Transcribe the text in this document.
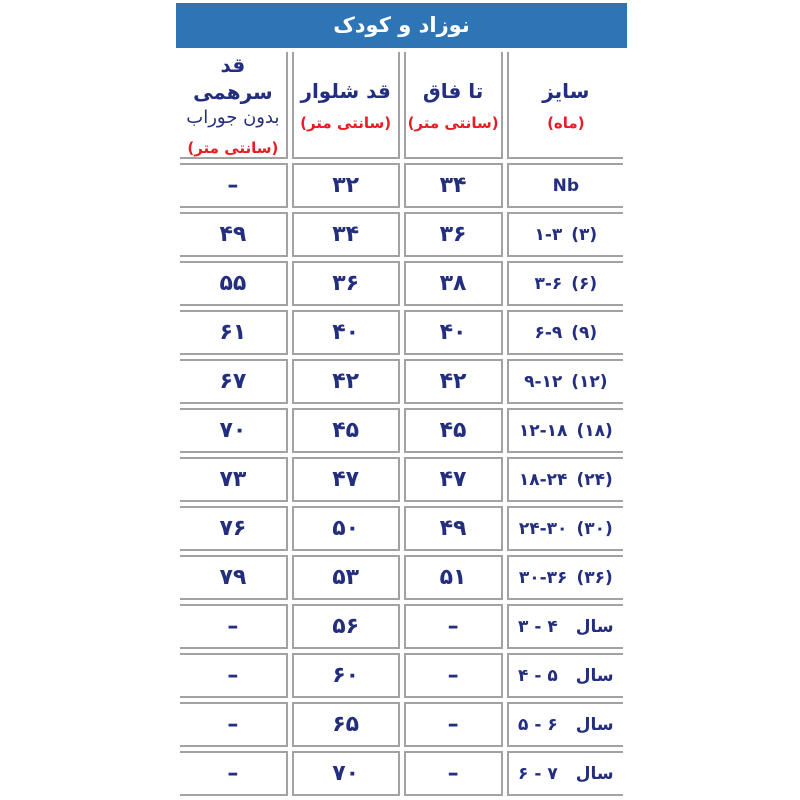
نوزاد و کودک
قد سرهمی
بدون جوراب
(سانتی متر)

قد شلوار
(سانتی متر)

تا فاق
(سانتی متر)

سایز
(ماه)

–	۳۲	۳۴	Nb

۴۹	۳۴	۳۶	۱-۳ (۳)

۵۵	۳۶	۳۸	۳-۶ (۶)

۶۱	۴۰	۴۰	۶-۹ (۹)

۶۷	۴۲	۴۲	۹-۱۲ (۱۲)

۷۰	۴۵	۴۵	۱۲-۱۸ (۱۸)

۷۳	۴۷	۴۷	۱۸-۲۴ (۲۴)

۷۶	۵۰	۴۹	۲۴-۳۰ (۳۰)

۷۹	۵۳	۵۱	۳۰-۳۶ (۳۶)

–	۵۶	–	۳ - ۴ سال

–	۶۰	–	۴ - ۵ سال

–	۶۵	–	۵ - ۶ سال

–	۷۰	–	۶ - ۷ سال
